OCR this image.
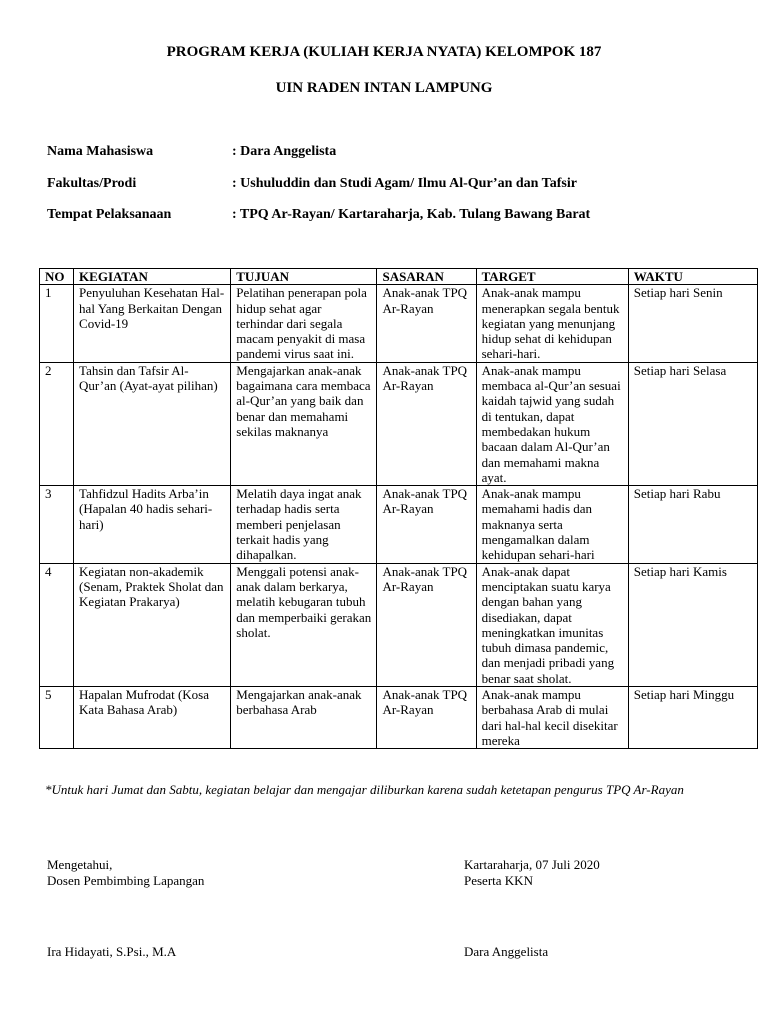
PROGRAM KERJA (KULIAH KERJA NYATA) KELOMPOK 187
UIN RADEN INTAN LAMPUNG
Nama Mahasiswa	: Dara Anggelista
Fakultas/Prodi	: Ushuluddin dan Studi Agam/ Ilmu Al-Qur’an dan Tafsir
Tempat Pelaksanaan	: TPQ Ar-Rayan/ Kartaraharja, Kab. Tulang Bawang Barat
NO	KEGIATAN	TUJUAN	SASARAN	TARGET	WAKTU
1	Penyuluhan Kesehatan Hal-hal Yang Berkaitan Dengan Covid-19	Pelatihan penerapan pola hidup sehat agar terhindar dari segala macam penyakit di masa pandemi virus saat ini.	Anak-anak TPQ Ar-Rayan	Anak-anak mampu menerapkan segala bentuk kegiatan yang menunjang hidup sehat di kehidupan sehari-hari.	Setiap hari Senin
2	Tahsin dan Tafsir Al-Qur’an (Ayat-ayat pilihan)	Mengajarkan anak-anak bagaimana cara membaca al-Qur’an yang baik dan benar dan memahami sekilas maknanya	Anak-anak TPQ Ar-Rayan	Anak-anak mampu membaca al-Qur’an sesuai kaidah tajwid yang sudah di tentukan, dapat membedakan hukum bacaan dalam Al-Qur’an dan memahami makna ayat.	Setiap hari Selasa
3	Tahfidzul Hadits Arba’in (Hapalan 40 hadis sehari-hari)	Melatih daya ingat anak terhadap hadis serta memberi penjelasan terkait hadis yang dihapalkan.	Anak-anak TPQ Ar-Rayan	Anak-anak mampu memahami hadis dan maknanya serta mengamalkan dalam kehidupan sehari-hari	Setiap hari Rabu
4	Kegiatan non-akademik (Senam, Praktek Sholat dan Kegiatan Prakarya)	Menggali potensi anak-anak dalam berkarya, melatih kebugaran tubuh dan memperbaiki gerakan sholat.	Anak-anak TPQ Ar-Rayan	Anak-anak dapat menciptakan suatu karya dengan bahan yang disediakan, dapat meningkatkan imunitas tubuh dimasa pandemic, dan menjadi pribadi yang benar saat sholat.	Setiap hari Kamis
5	Hapalan Mufrodat (Kosa Kata Bahasa Arab)	Mengajarkan anak-anak berbahasa Arab	Anak-anak TPQ Ar-Rayan	Anak-anak mampu berbahasa Arab di mulai dari hal-hal kecil disekitar mereka	Setiap hari Minggu
*Untuk hari Jumat dan Sabtu, kegiatan belajar dan mengajar diliburkan karena sudah ketetapan pengurus TPQ Ar-Rayan
Mengetahui,
Dosen Pembimbing Lapangan
Kartaraharja, 07 Juli 2020
Peserta KKN
Ira Hidayati, S.Psi., M.A	Dara Anggelista
